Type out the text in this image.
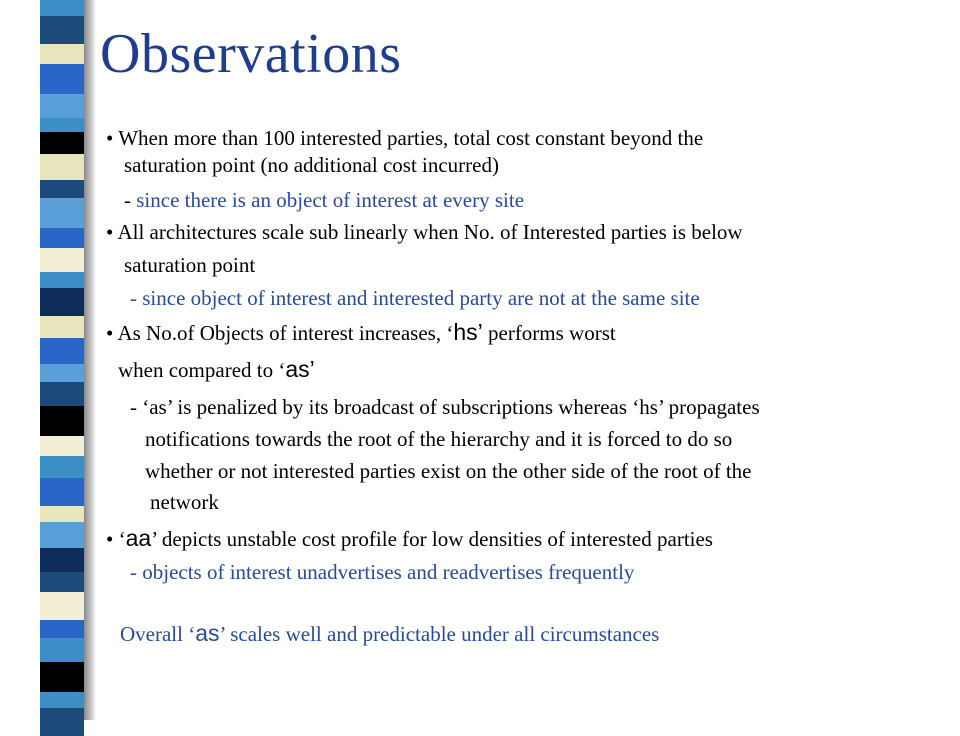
Observations
• When more than 100 interested parties, total cost constant beyond the
saturation point (no additional cost incurred)
- since there is an object of interest at every site
• All architectures scale sub linearly when No. of Interested parties is below
saturation point
- since object of interest and interested party are not at the same site
• As No.of Objects of interest increases, ‘hs’ performs worst
when compared to ‘as’
- ‘as’ is penalized by its broadcast of subscriptions whereas ‘hs’ propagates
notifications towards the root of the hierarchy and it is forced to do so
whether or not interested parties exist on the other side of the root of the
network
• ‘aa’ depicts unstable cost profile for low densities of interested parties
- objects of interest unadvertises and readvertises frequently
Overall ‘as’ scales well and predictable under all circumstances
